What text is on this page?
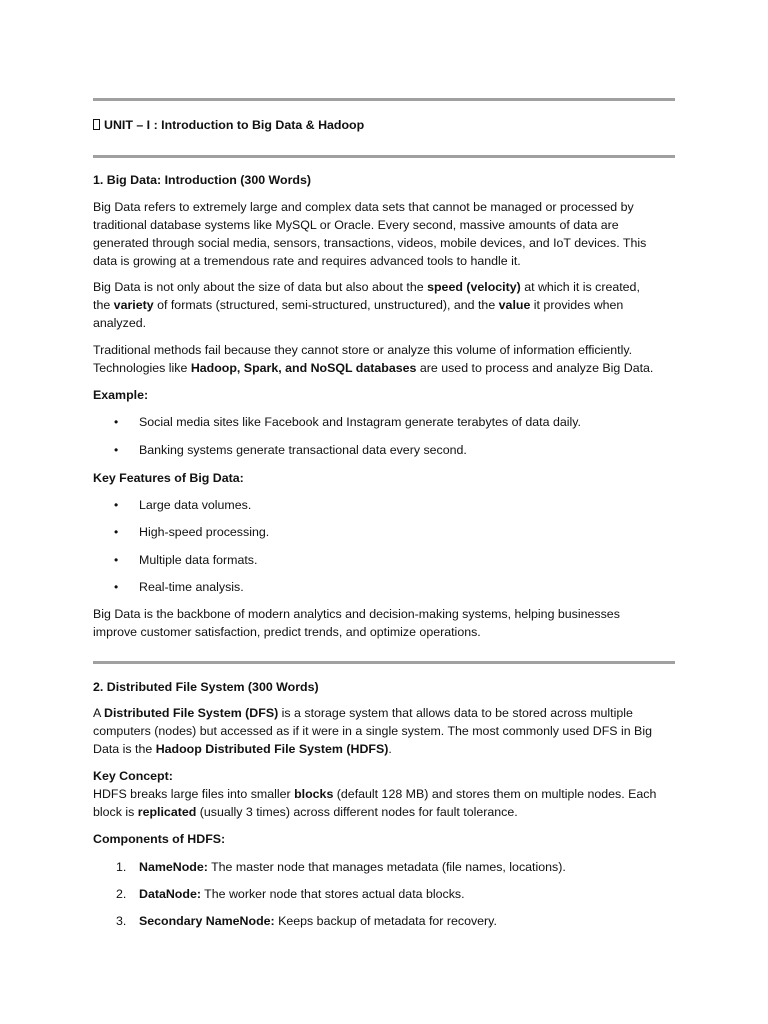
UNIT – I : Introduction to Big Data & Hadoop

1. Big Data: Introduction (300 Words)

Big Data refers to extremely large and complex data sets that cannot be managed or processed by
traditional database systems like MySQL or Oracle. Every second, massive amounts of data are
generated through social media, sensors, transactions, videos, mobile devices, and IoT devices. This
data is growing at a tremendous rate and requires advanced tools to handle it.
Big Data is not only about the size of data but also about the speed (velocity) at which it is created,
the variety of formats (structured, semi-structured, unstructured), and the value it provides when
analyzed.
Traditional methods fail because they cannot store or analyze this volume of information efficiently.
Technologies like Hadoop, Spark, and NoSQL databases are used to process and analyze Big Data.

Example:

•	Social media sites like Facebook and Instagram generate terabytes of data daily.
•	Banking systems generate transactional data every second.

Key Features of Big Data:

•	Large data volumes.
•	High-speed processing.
•	Multiple data formats.
•	Real-time analysis.
Big Data is the backbone of modern analytics and decision-making systems, helping businesses
improve customer satisfaction, predict trends, and optimize operations.

2. Distributed File System (300 Words)

A Distributed File System (DFS) is a storage system that allows data to be stored across multiple
computers (nodes) but accessed as if it were in a single system. The most commonly used DFS in Big
Data is the Hadoop Distributed File System (HDFS).
Key Concept:
HDFS breaks large files into smaller blocks (default 128 MB) and stores them on multiple nodes. Each
block is replicated (usually 3 times) across different nodes for fault tolerance.

Components of HDFS:

1.	NameNode: The master node that manages metadata (file names, locations).
2.	DataNode: The worker node that stores actual data blocks.
3.	Secondary NameNode: Keeps backup of metadata for recovery.
